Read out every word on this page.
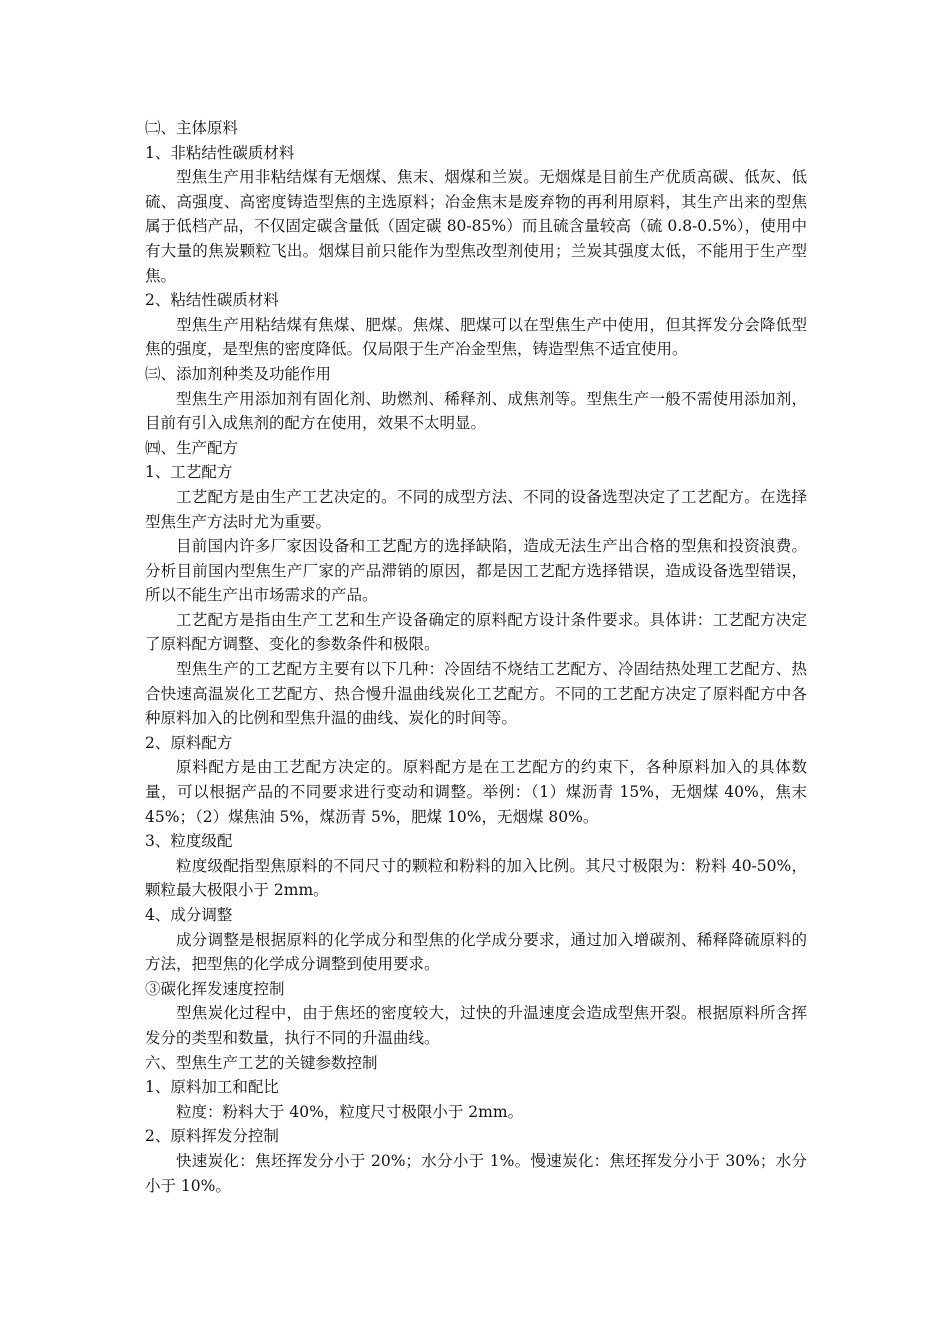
㈡、主体原料

1、非粘结性碳质材料

型焦生产用非粘结煤有无烟煤、焦末、烟煤和兰炭。无烟煤是目前生产优质高碳、低灰、低硫、高强度、高密度铸造型焦的主选原料；冶金焦末是废弃物的再利用原料，其生产出来的型焦属于低档产品，不仅固定碳含量低（固定碳 80-85%）而且硫含量较高（硫 0.8-0.5%），使用中有大量的焦炭颗粒飞出。烟煤目前只能作为型焦改型剂使用；兰炭其强度太低，不能用于生产型焦。

2、粘结性碳质材料

型焦生产用粘结煤有焦煤、肥煤。焦煤、肥煤可以在型焦生产中使用，但其挥发分会降低型焦的强度，是型焦的密度降低。仅局限于生产冶金型焦，铸造型焦不适宜使用。

㈢、添加剂种类及功能作用

型焦生产用添加剂有固化剂、助燃剂、稀释剂、成焦剂等。型焦生产一般不需使用添加剂，目前有引入成焦剂的配方在使用，效果不太明显。

㈣、生产配方

1、工艺配方

工艺配方是由生产工艺决定的。不同的成型方法、不同的设备选型决定了工艺配方。在选择型焦生产方法时尤为重要。

目前国内许多厂家因设备和工艺配方的选择缺陷，造成无法生产出合格的型焦和投资浪费。分析目前国内型焦生产厂家的产品滞销的原因，都是因工艺配方选择错误，造成设备选型错误，所以不能生产出市场需求的产品。

工艺配方是指由生产工艺和生产设备确定的原料配方设计条件要求。具体讲：工艺配方决定了原料配方调整、变化的参数条件和极限。

型焦生产的工艺配方主要有以下几种：冷固结不烧结工艺配方、冷固结热处理工艺配方、热合快速高温炭化工艺配方、热合慢升温曲线炭化工艺配方。不同的工艺配方决定了原料配方中各种原料加入的比例和型焦升温的曲线、炭化的时间等。

2、原料配方

原料配方是由工艺配方决定的。原料配方是在工艺配方的约束下，各种原料加入的具体数量，可以根据产品的不同要求进行变动和调整。举例：（1）煤沥青 15%，无烟煤 40%，焦末 45%；（2）煤焦油 5%，煤沥青 5%，肥煤 10%，无烟煤 80%。

3、粒度级配

粒度级配指型焦原料的不同尺寸的颗粒和粉料的加入比例。其尺寸极限为：粉料 40-50%，颗粒最大极限小于 2mm。

4、成分调整

成分调整是根据原料的化学成分和型焦的化学成分要求，通过加入增碳剂、稀释降硫原料的方法，把型焦的化学成分调整到使用要求。

③碳化挥发速度控制

型焦炭化过程中，由于焦坯的密度较大，过快的升温速度会造成型焦开裂。根据原料所含挥发分的类型和数量，执行不同的升温曲线。

六、型焦生产工艺的关键参数控制

1、原料加工和配比

粒度：粉料大于 40%，粒度尺寸极限小于 2mm。

2、原料挥发分控制

快速炭化：焦坯挥发分小于 20%；水分小于 1%。慢速炭化：焦坯挥发分小于 30%；水分小于 10%。
